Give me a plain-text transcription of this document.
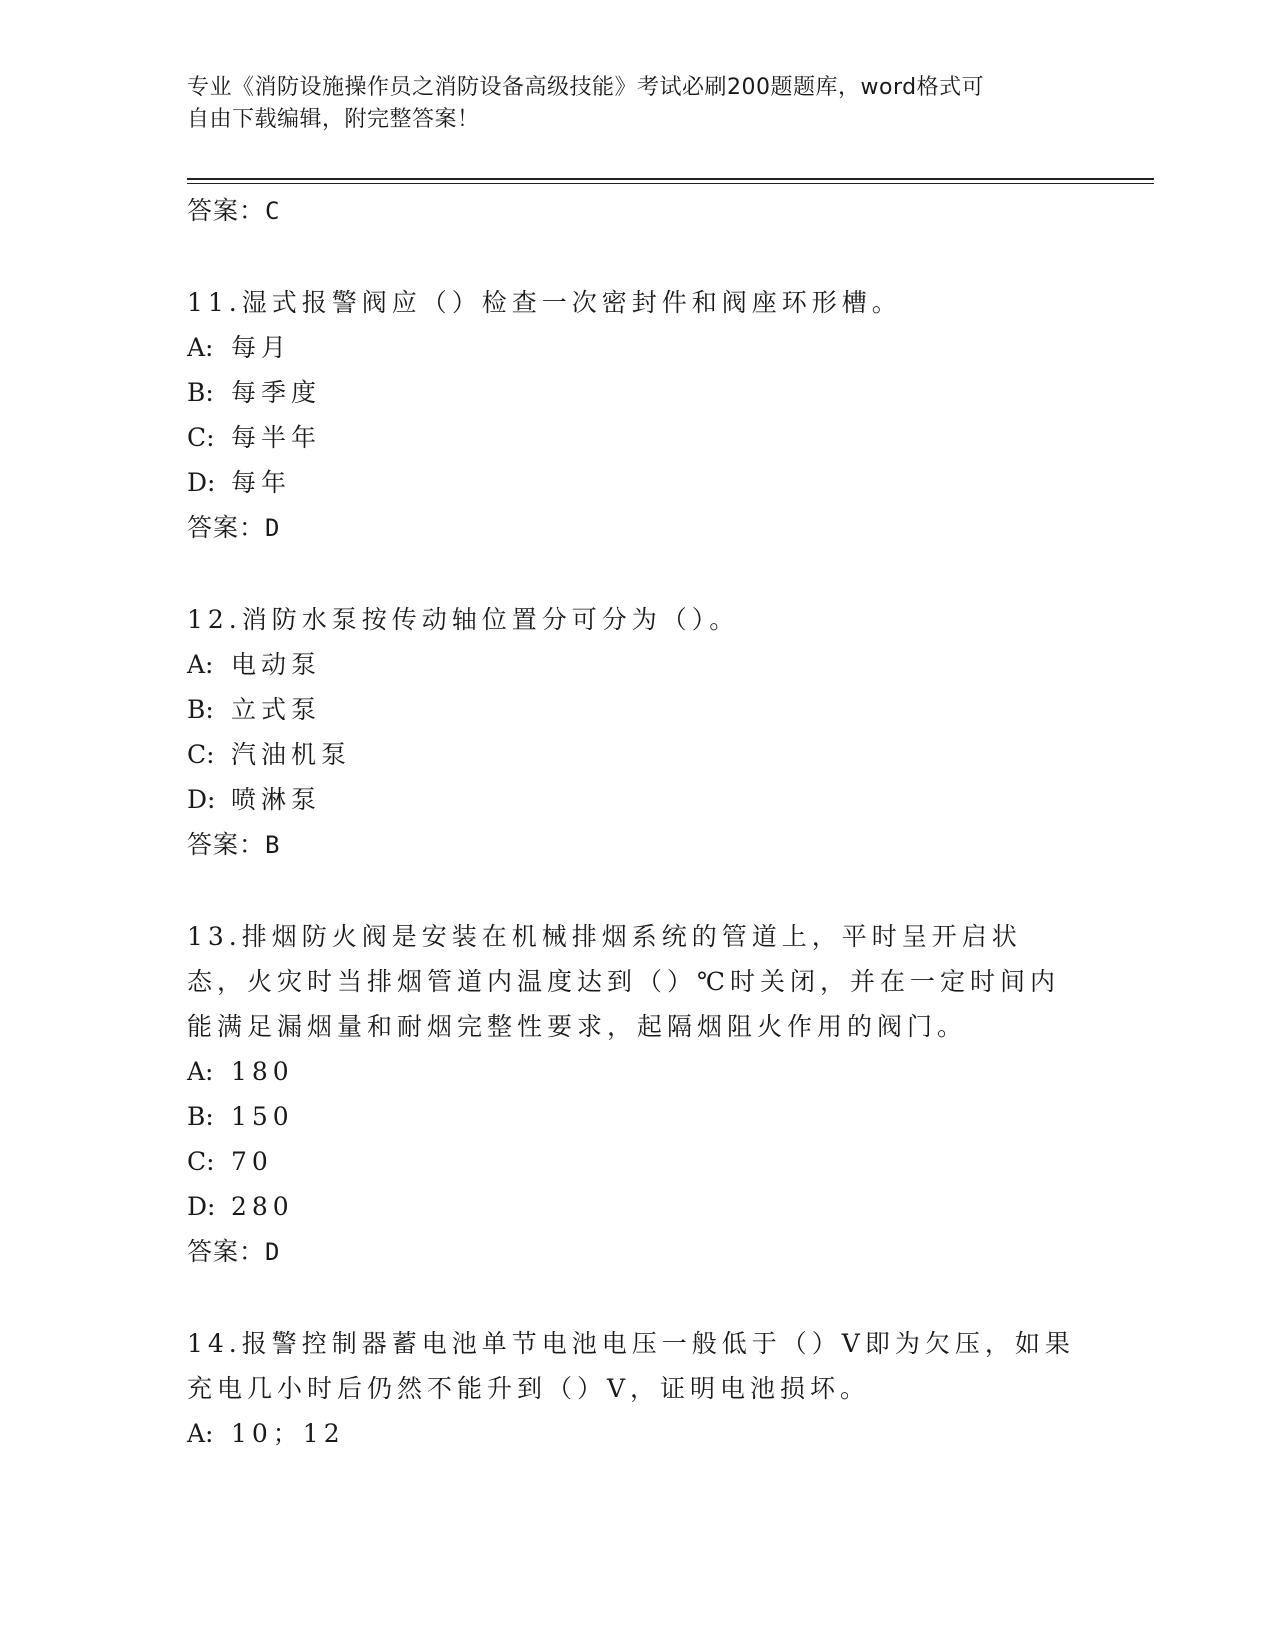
专业《消防设施操作员之消防设备高级技能》考试必刷200题题库，word格式可
自由下载编辑，附完整答案！
答案：C
11.湿式报警阀应（）检查一次密封件和阀座环形槽。
A: 每月
B: 每季度
C: 每半年
D: 每年
答案：D
12.消防水泵按传动轴位置分可分为（）。
A: 电动泵
B: 立式泵
C: 汽油机泵
D: 喷淋泵
答案：B
13.排烟防火阀是安装在机械排烟系统的管道上，平时呈开启状态，火灾时当排烟管道内温度达到（）℃时关闭，并在一定时间内能满足漏烟量和耐烟完整性要求，起隔烟阻火作用的阀门。
A: 180
B: 150
C: 70
D: 280
答案：D
14.报警控制器蓄电池单节电池电压一般低于（）V即为欠压，如果充电几小时后仍然不能升到（）V，证明电池损坏。
A: 10；12
